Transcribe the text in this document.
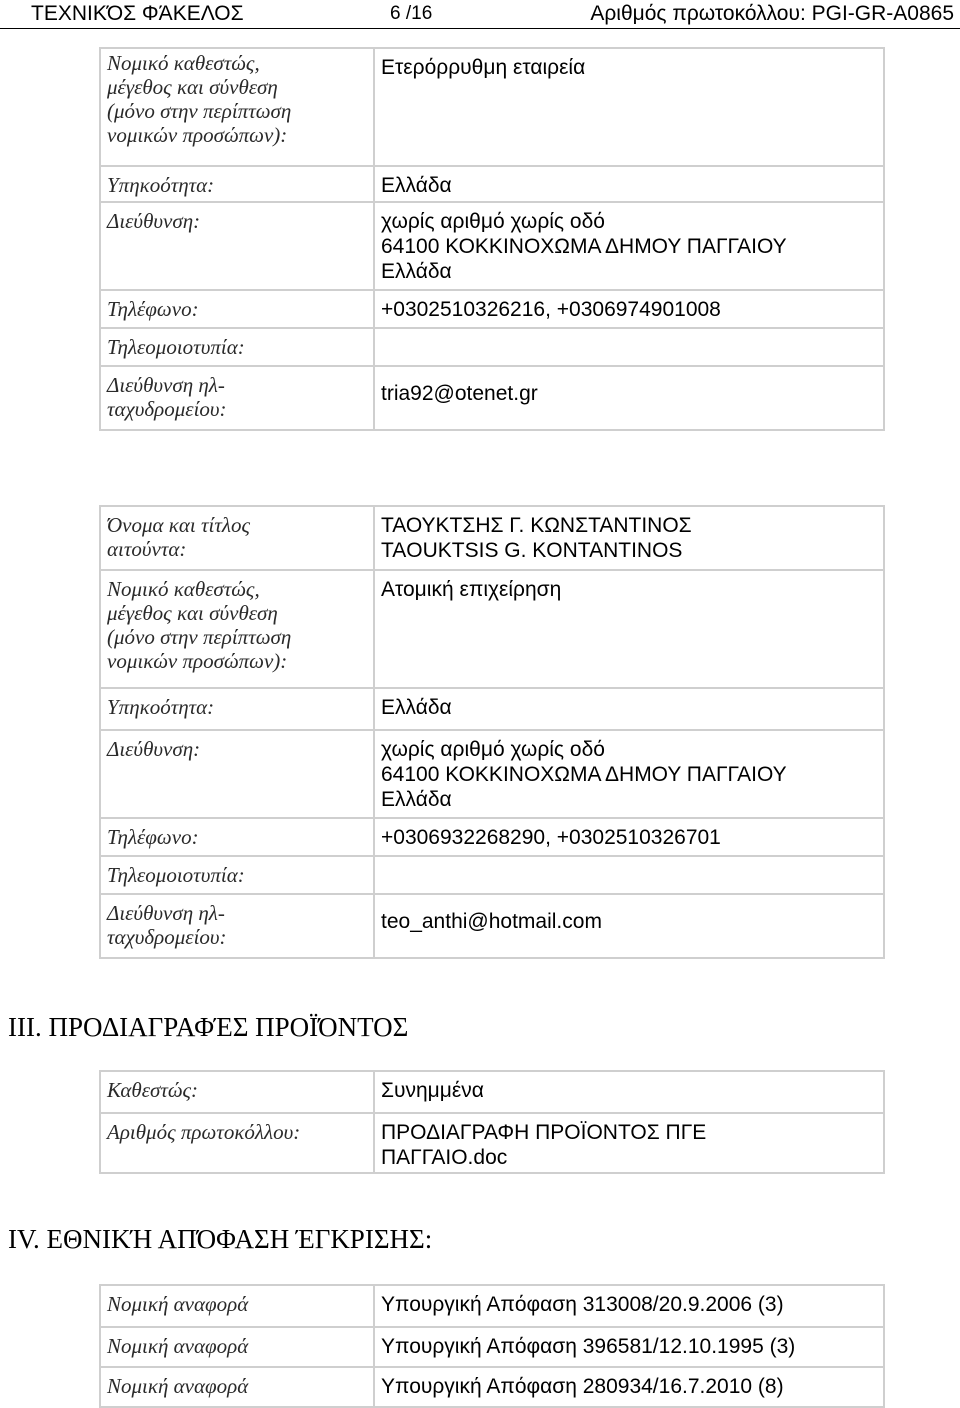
ΤΕΧΝΙΚΌΣ ΦΆΚΕΛΟΣ	6 /16	Αριθμός πρωτοκόλλου: PGI-GR-A0865
Νομικό καθεστώς,
μέγεθος και σύνθεση
(μόνο στην περίπτωση
νομικών προσώπων):	Ετερόρρυθμη εταιρεία
Υπηκοότητα:	Ελλάδα
Διεύθυνση:	χωρίς αριθμό χωρίς οδό
64100 ΚΟΚΚΙΝΟΧΩΜΑ ΔΗΜΟΥ ΠΑΓΓΑΙΟΥ
Ελλάδα

Τηλέφωνο:	+0302510326216, +0306974901008
Τηλεομοιοτυπία:	

Διεύθυνση ηλ-
ταχυδρομείου:	tria92@otenet.gr
Όνομα και τίτλος
αιτούντα:	ΤΑΟΥΚΤΣΗΣ Γ. ΚΩΝΣΤΑΝΤΙΝΟΣ
TAOUKTSIS G. KONTANTINOS

Νομικό καθεστώς,
μέγεθος και σύνθεση
(μόνο στην περίπτωση
νομικών προσώπων):	Ατομική επιχείρηση
Υπηκοότητα:	Ελλάδα
Διεύθυνση:	χωρίς αριθμό χωρίς οδό
64100 ΚΟΚΚΙΝΟΧΩΜΑ ΔΗΜΟΥ ΠΑΓΓΑΙΟΥ
Ελλάδα

Τηλέφωνο:	+0306932268290, +0302510326701
Τηλεομοιοτυπία:	

Διεύθυνση ηλ-
ταχυδρομείου:	teo_anthi@hotmail.com
III. ΠΡΟΔΙΑΓΡΑΦΈΣ ΠΡΟΪΌΝΤΟΣ
Καθεστώς:	Συνημμένα
Αριθμός πρωτοκόλλου:	ΠΡΟΔΙΑΓΡΑΦΗ ΠΡΟΪΟΝΤΟΣ ΠΓΕ
ΠΑΓΓΑΙΟ.doc
IV. ΕΘΝΙΚΉ ΑΠΌΦΑΣΗ ΈΓΚΡΙΣΗΣ:
Νομική αναφορά	Υπουργική Απόφαση 313008/20.9.2006 (3)
Νομική αναφορά	Υπουργική Απόφαση 396581/12.10.1995 (3)
Νομική αναφορά	Υπουργική Απόφαση 280934/16.7.2010 (8)
